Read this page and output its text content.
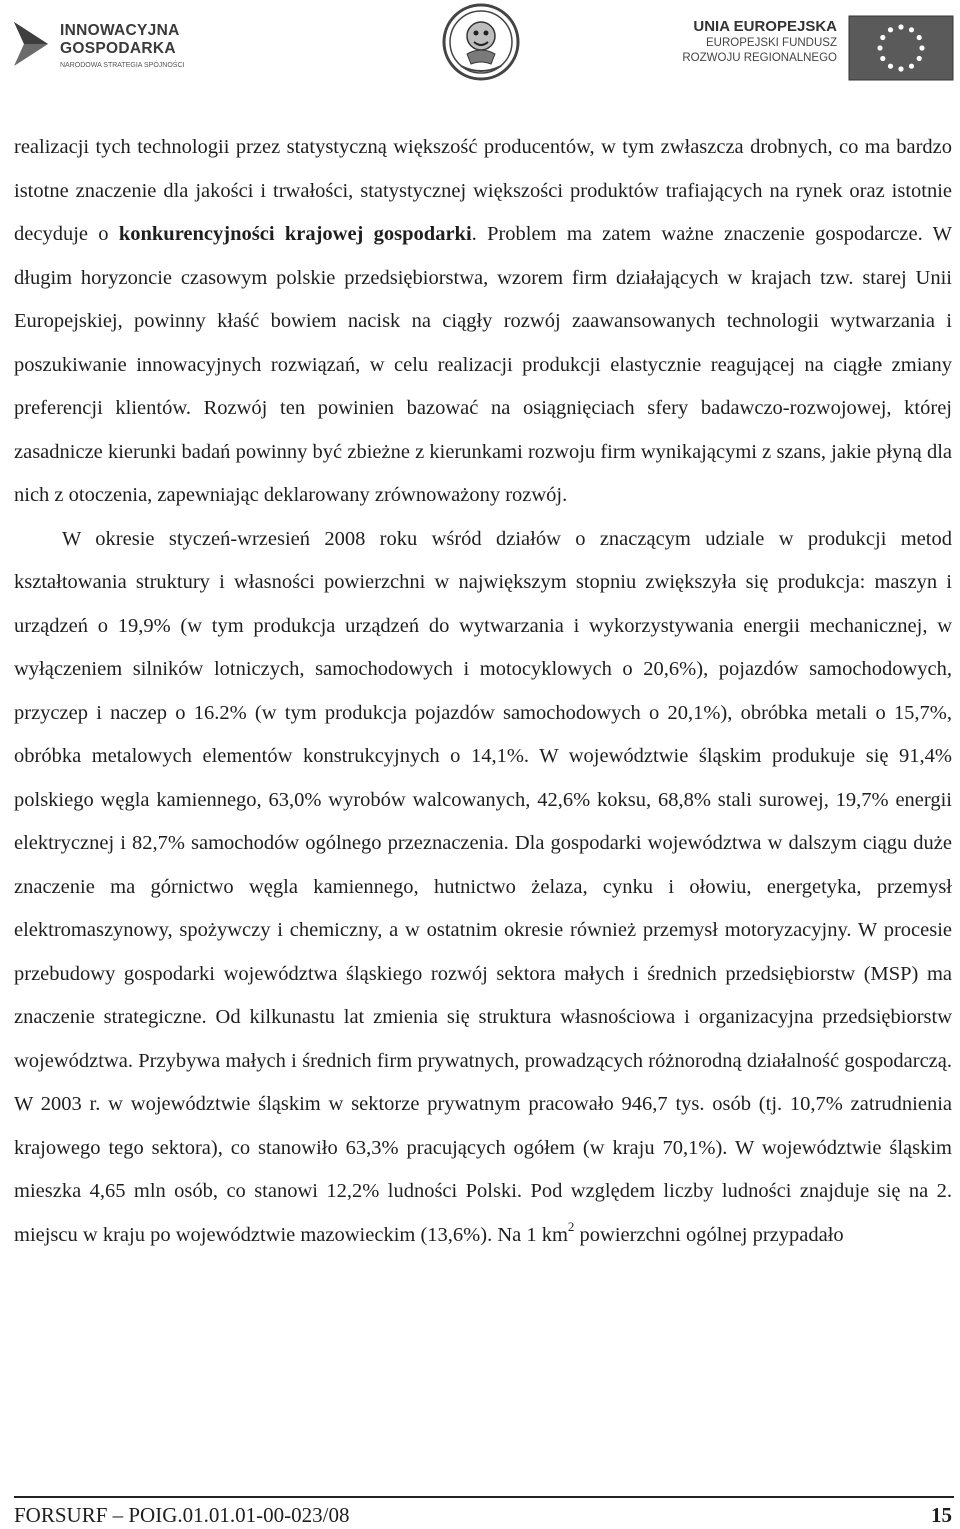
INNOWACYJNA
GOSPODARKA
NARODOWA STRATEGIA SPÓJNOŚCI
UNIA EUROPEJSKA
EUROPEJSKI FUNDUSZ
ROZWOJU REGIONALNEGO

realizacji tych technologii przez statystyczną większość producentów, w tym zwłaszcza drobnych, co ma bardzo istotne znaczenie dla jakości i trwałości, statystycznej większości produktów trafiających na rynek oraz istotnie decyduje o konkurencyjności krajowej gospodarki. Problem ma zatem ważne znaczenie gospodarcze. W długim horyzoncie czasowym polskie przedsiębiorstwa, wzorem firm działających w krajach tzw. starej Unii Europejskiej, powinny kłaść bowiem nacisk na ciągły rozwój zaawansowanych technologii wytwarzania i poszukiwanie innowacyjnych rozwiązań, w celu realizacji produkcji elastycznie reagującej na ciągłe zmiany preferencji klientów. Rozwój ten powinien bazować na osiągnięciach sfery badawczo-rozwojowej, której zasadnicze kierunki badań powinny być zbieżne z kierunkami rozwoju firm wynikającymi z szans, jakie płyną dla nich z otoczenia, zapewniając deklarowany zrównoważony rozwój.

W okresie styczeń-wrzesień 2008 roku wśród działów o znaczącym udziale w produkcji metod kształtowania struktury i własności powierzchni w największym stopniu zwiększyła się produkcja: maszyn i urządzeń o 19,9% (w tym produkcja urządzeń do wytwarzania i wykorzystywania energii mechanicznej, w wyłączeniem silników lotniczych, samochodowych i motocyklowych o 20,6%), pojazdów samochodowych, przyczep i naczep o 16.2% (w tym produkcja pojazdów samochodowych o 20,1%), obróbka metali o 15,7%, obróbka metalowych elementów konstrukcyjnych o 14,1%. W województwie śląskim produkuje się 91,4% polskiego węgla kamiennego, 63,0% wyrobów walcowanych, 42,6% koksu, 68,8% stali surowej, 19,7% energii elektrycznej i 82,7% samochodów ogólnego przeznaczenia. Dla gospodarki województwa w dalszym ciągu duże znaczenie ma górnictwo węgla kamiennego, hutnictwo żelaza, cynku i ołowiu, energetyka, przemysł elektromaszynowy, spożywczy i chemiczny, a w ostatnim okresie również przemysł motoryzacyjny. W procesie przebudowy gospodarki województwa śląskiego rozwój sektora małych i średnich przedsiębiorstw (MSP) ma znaczenie strategiczne. Od kilkunastu lat zmienia się struktura własnościowa i organizacyjna przedsiębiorstw województwa. Przybywa małych i średnich firm prywatnych, prowadzących różnorodną działalność gospodarczą. W 2003 r. w województwie śląskim w sektorze prywatnym pracowało 946,7 tys. osób (tj. 10,7% zatrudnienia krajowego tego sektora), co stanowiło 63,3% pracujących ogółem (w kraju 70,1%). W województwie śląskim mieszka 4,65 mln osób, co stanowi 12,2% ludności Polski. Pod względem liczby ludności znajduje się na 2. miejscu w kraju po województwie mazowieckim (13,6%). Na 1 $km^2$ powierzchni ogólnej przypadało

FORSURF – POIG.01.01.01-00-023/08	15
